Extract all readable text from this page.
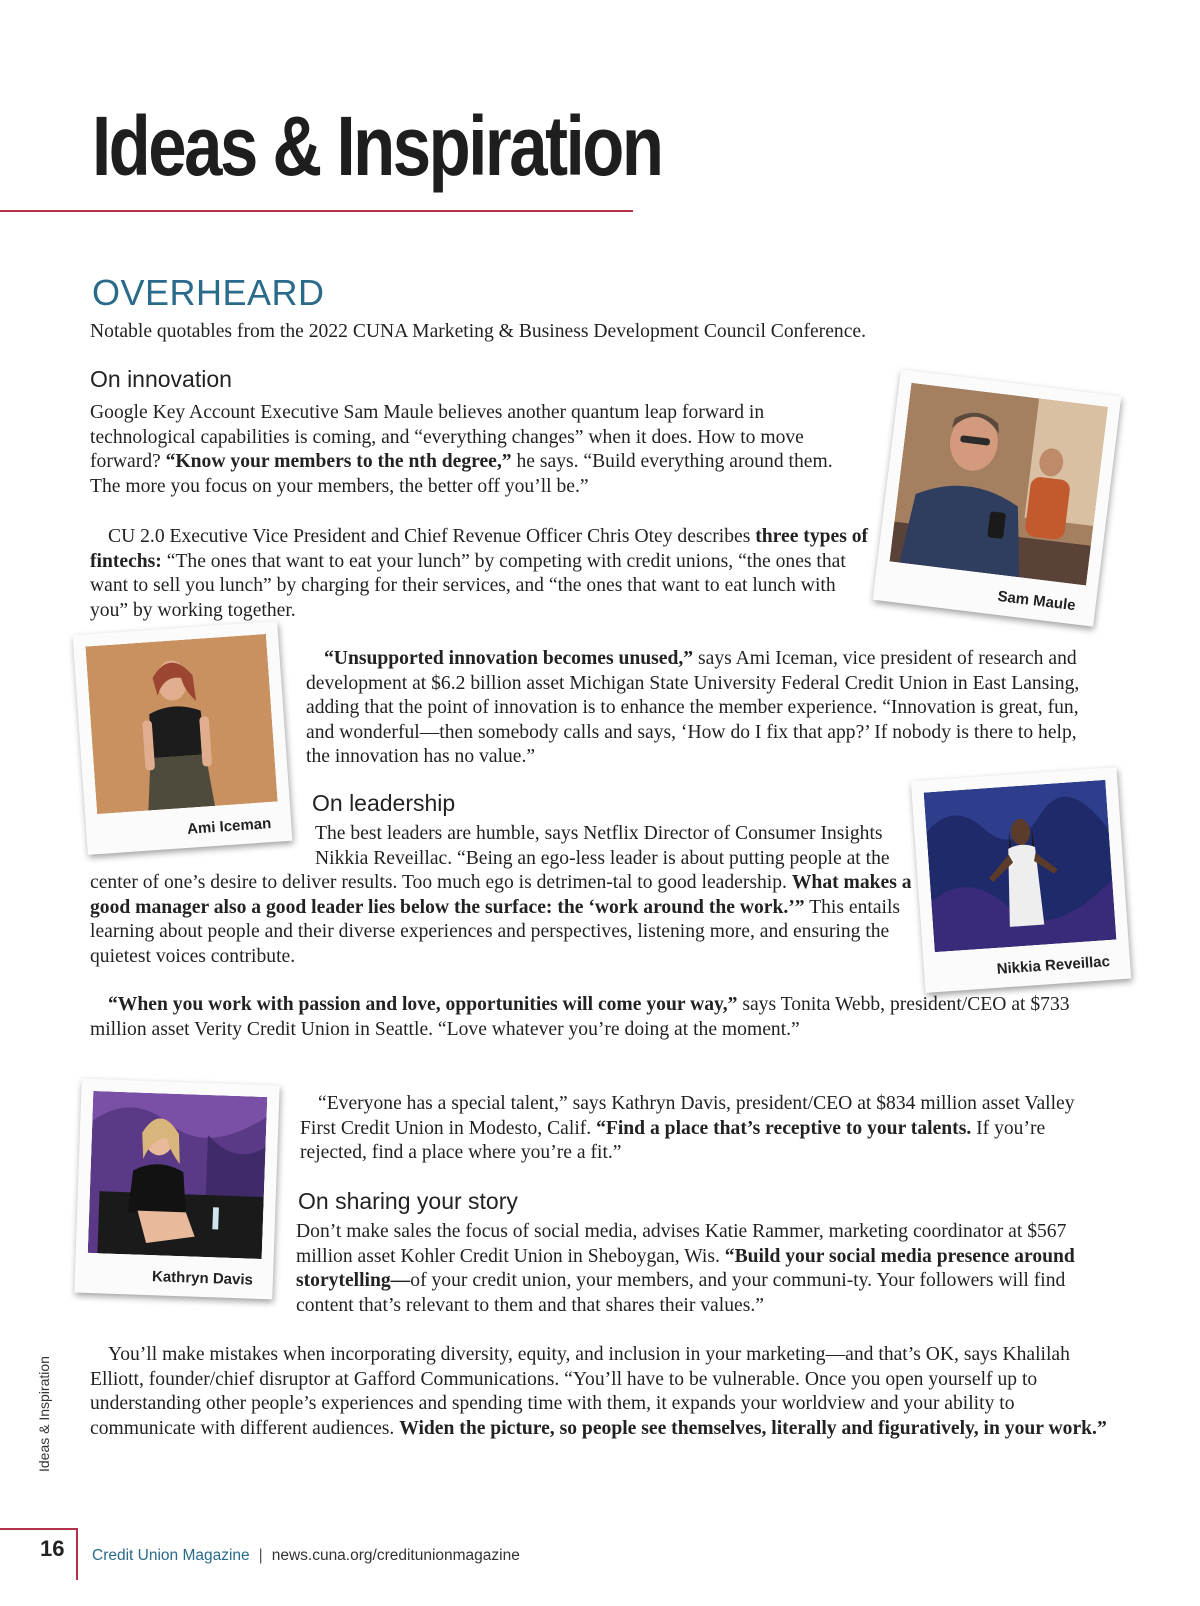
Ideas & Inspiration
OVERHEARD

Notable quotables from the 2022 CUNA Marketing & Business Development Council Conference.

On innovation

Google Key Account Executive Sam Maule believes another quantum leap forward in technological capabilities is coming, and “everything changes” when it does. How to move forward? “Know your members to the nth degree,” he says. “Build everything around them. The more you focus on your members, the better off you’ll be.”

CU 2.0 Executive Vice President and Chief Revenue Officer Chris Otey describes three types of fintechs: “The ones that want to eat your lunch” by competing with credit unions, “the ones that want to sell you lunch” by charging for their services, and “the ones that want to eat lunch with you” by working together.

“Unsupported innovation becomes unused,” says Ami Iceman, vice president of research and development at $6.2 billion asset Michigan State University Federal Credit Union in East Lansing, adding that the point of innovation is to enhance the member experience. “Innovation is great, fun, and wonderful—then somebody calls and says, ‘How do I fix that app?’ If nobody is there to help, the innovation has no value.”

On leadership

The best leaders are humble, says Netflix Director of Consumer Insights Nikkia Reveillac. “Being an ego-less leader is about putting people at the center of one’s desire to deliver results. Too much ego is detrimen-tal to good leadership. What makes a good manager also a good leader lies below the surface: the ‘work around the work.’” This entails learning about people and their diverse experiences and perspectives, listening more, and ensuring the quietest voices contribute.

“When you work with passion and love, opportunities will come your way,” says Tonita Webb, president/CEO at $733 million asset Verity Credit Union in Seattle. “Love whatever you’re doing at the moment.”

“Everyone has a special talent,” says Kathryn Davis, president/CEO at $834 million asset Valley First Credit Union in Modesto, Calif. “Find a place that’s receptive to your talents. If you’re rejected, find a place where you’re a fit.”

On sharing your story

Don’t make sales the focus of social media, advises Katie Rammer, marketing coordinator at $567 million asset Kohler Credit Union in Sheboygan, Wis. “Build your social media presence around storytelling—of your credit union, your members, and your communi-ty. Your followers will find content that’s relevant to them and that shares their values.”

You’ll make mistakes when incorporating diversity, equity, and inclusion in your marketing—and that’s OK, says Khalilah Elliott, founder/chief disruptor at Gafford Communications. “You’ll have to be vulnerable. Once you open yourself up to understanding other people’s experiences and spending time with them, it expands your worldview and your ability to communicate with different audiences. Widen the picture, so people see themselves, literally and figuratively, in your work.”

Sam Maule
Ami Iceman
Nikkia Reveillac
Kathryn Davis
Ideas & Inspiration
16 Credit Union Magazine | news.cuna.org/creditunionmagazine
